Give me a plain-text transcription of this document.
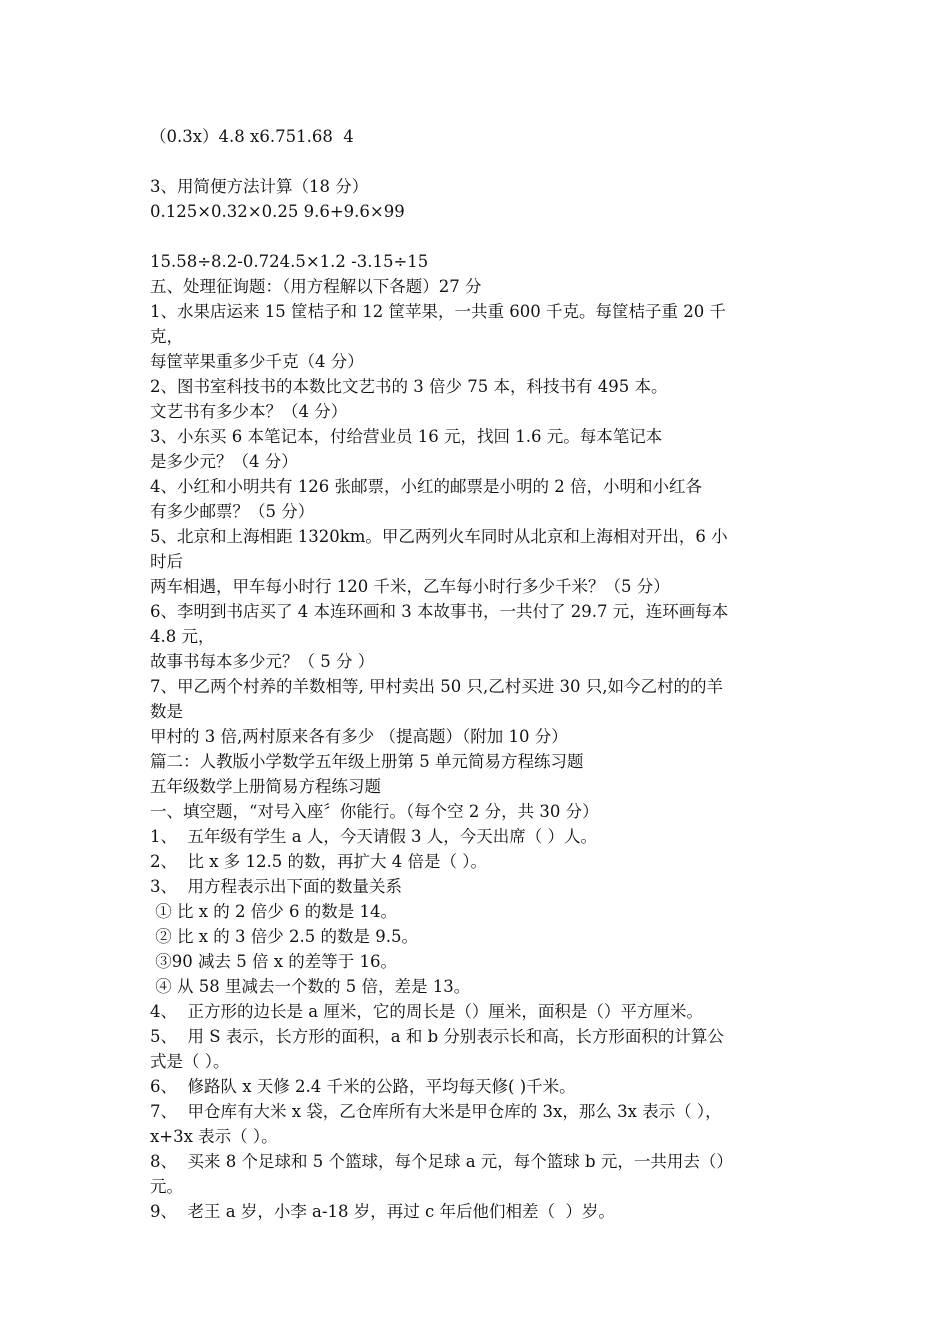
（0.3x）4.8 x6.751.68  4
3、用简便方法计算（18 分）
0.125×0.32×0.25 9.6+9.6×99
15.58÷8.2-0.724.5×1.2 -3.15÷15
五、处理征询题：（用方程解以下各题）27 分
1、水果店运来 15 筐桔子和 12 筐苹果，一共重 600 千克。每筐桔子重 20 千
克，
每筐苹果重多少千克（4 分）
2、图书室科技书的本数比文艺书的 3 倍少 75 本，科技书有 495 本。
文艺书有多少本？（4 分）
3、小东买 6 本笔记本，付给营业员 16 元，找回 1.6 元。每本笔记本
是多少元？（4 分）
4、小红和小明共有 126 张邮票，小红的邮票是小明的 2 倍，小明和小红各
有多少邮票？（5 分）
5、北京和上海相距 1320km。甲乙两列火车同时从北京和上海相对开出，6 小
时后
两车相遇，甲车每小时行 120 千米，乙车每小时行多少千米？（5 分）
6、李明到书店买了 4 本连环画和 3 本故事书，一共付了 29.7 元，连环画每本
4.8 元，
故事书每本多少元？（ 5 分 ）
7、甲乙两个村养的羊数相等, 甲村卖出 50 只,乙村买进 30 只,如今乙村的的羊
数是
甲村的 3 倍,两村原来各有多少 （提高题）（附加 10 分）
篇二：人教版小学数学五年级上册第 5 单元简易方程练习题
五年级数学上册简易方程练习题
一、填空题，“对号入座〞你能行。（每个空 2 分，共 30 分）
1、  五年级有学生 a 人，今天请假 3 人，今天出席（ ）人。
2、  比 x 多 12.5 的数，再扩大 4 倍是（ ）。
3、  用方程表示出下面的数量关系
① 比 x 的 2 倍少 6 的数是 14。
② 比 x 的 3 倍少 2.5 的数是 9.5。
③90 减去 5 倍 x 的差等于 16。
④ 从 58 里减去一个数的 5 倍，差是 13。
4、  正方形的边长是 a 厘米，它的周长是（）厘米，面积是（）平方厘米。
5、  用 S 表示，长方形的面积，a 和 b 分别表示长和高，长方形面积的计算公
式是（ ）。
6、  修路队 x 天修 2.4 千米的公路，平均每天修( )千米。
7、  甲仓库有大米 x 袋，乙仓库所有大米是甲仓库的 3x，那么 3x 表示（ ），
x+3x 表示（ ）。
8、  买来 8 个足球和 5 个篮球，每个足球 a 元，每个篮球 b 元，一共用去（）
元。
9、  老王 a 岁，小李 a-18 岁，再过 c 年后他们相差（  ）岁。
